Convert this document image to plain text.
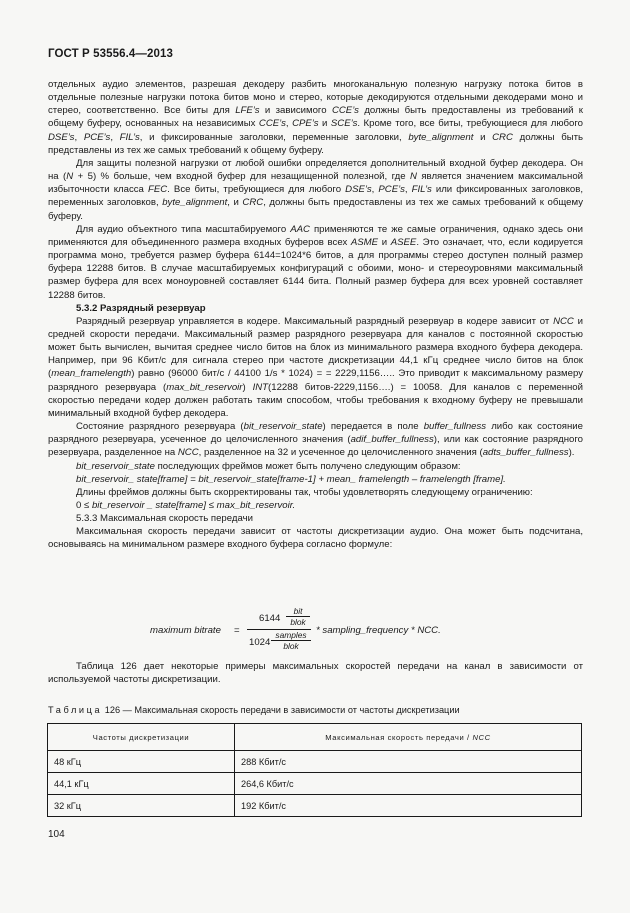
ГОСТ Р 53556.4—2013

отдельных аудио элементов, разрешая декодеру разбить многоканальную полезную нагрузку потока битов в отдельные полезные нагрузки потока битов моно и стерео, которые декодируются отдельными декодерами моно и стерео, соответственно. Все биты для LFE’s и зависимого CCE’s должны быть предоставлены из требований к общему буферу, основанных на независимых CCE’s, CPE’s и SCE’s. Кроме того, все биты, требующиеся для любого DSE’s, PCE’s, FIL’s, и фиксированные заголовки, переменные заголовки, byte_alignment и CRC должны быть представлены из тех же самых требований к общему буферу.

Для защиты полезной нагрузки от любой ошибки определяется дополнительный входной буфер декодера. Он на (N + 5) % больше, чем входной буфер для незащищенной полезной, где N является значением максимальной избыточности класса FEC. Все биты, требующиеся для любого DSE’s, PCE’s, FIL’s или фиксированных заголовков, переменных заголовков, byte_alignment, и CRC, должны быть предоставлены из тех же самых требований к общему буферу.

Для аудио объектного типа масштабируемого AAC применяются те же самые ограничения, однако здесь они применяются для объединенного размера входных буферов всех ASME и ASEE. Это означает, что, если кодируется программа моно, требуется размер буфера 6144=1024*6 битов, а для программы стерео доступен полный размер буфера 12288 битов. В случае масштабируемых конфигураций с обоими, моно- и стереоуровнями максимальный размер буфера для всех моноуровней составляет 6144 бита. Полный размер буфера для всех уровней составляет 12288 битов.

5.3.2 Разрядный резервуар

Разрядный резервуар управляется в кодере. Максимальный разрядный резервуар в кодере зависит от NCC и средней скорости передачи. Максимальный размер разрядного резервуара для каналов с постоянной скоростью может быть вычислен, вычитая среднее число битов на блок из минимального размера входного буфера декодера. Например, при 96 Кбит/с для сигнала стерео при частоте дискретизации 44,1 кГц среднее число битов на блок (mean_framelength) равно (96000 бит/с / 44100 1/s * 1024) = = 2229,1156….. Это приводит к максимальному размеру разрядного резервуара (max_bit_reservoir) INT(12288 битов-2229,1156….) = 10058. Для каналов с переменной скоростью передачи кодер должен работать таким способом, чтобы требования к входному буферу не превышали минимальный входной буфер декодера.

Состояние разрядного резервуара (bit_reservoir_state) передается в поле buffer_fullness либо как состояние разрядного резервуара, усеченное до целочисленного значения (adif_buffer_fullness), или как состояние разрядного резервуара, разделенное на NCC, разделенное на 32 и усеченное до целочисленного значения (adts_buffer_fullness).

bit_reservoir_state последующих фреймов может быть получено следующим образом:

bit_reservoir_ state[frame] = bit_reservoir_state[frame-1] + mean_ framelength – framelength [frame].

Длины фреймов должны быть скорректированы так, чтобы удовлетворять следующему ограничению:

0 ≤ bit_reservoir _ state[frame] ≤ max_bit_reservoir.

5.3.3 Максимальная скорость передачи

Максимальная скорость передачи зависит от частоты дискретизации аудио. Она может быть подсчитана, основываясь на минимальном размере входного буфера согласно формуле:

maximum bitrate =
6144
bit
blok
1024
samples
blok
* sampling_frequency * NCC.

Таблица 126 дает некоторые примеры максимальных скоростей передачи на канал в зависимости от используемой частоты дискретизации.

Таблица 126 — Максимальная скорость передачи в зависимости от частоты дискретизации
Частоты дискретизации	Максимальная скорость передачи / NCC
48 кГц	288 Кбит/с
44,1 кГц	264,6 Кбит/с
32 кГц	192 Кбит/с
104
